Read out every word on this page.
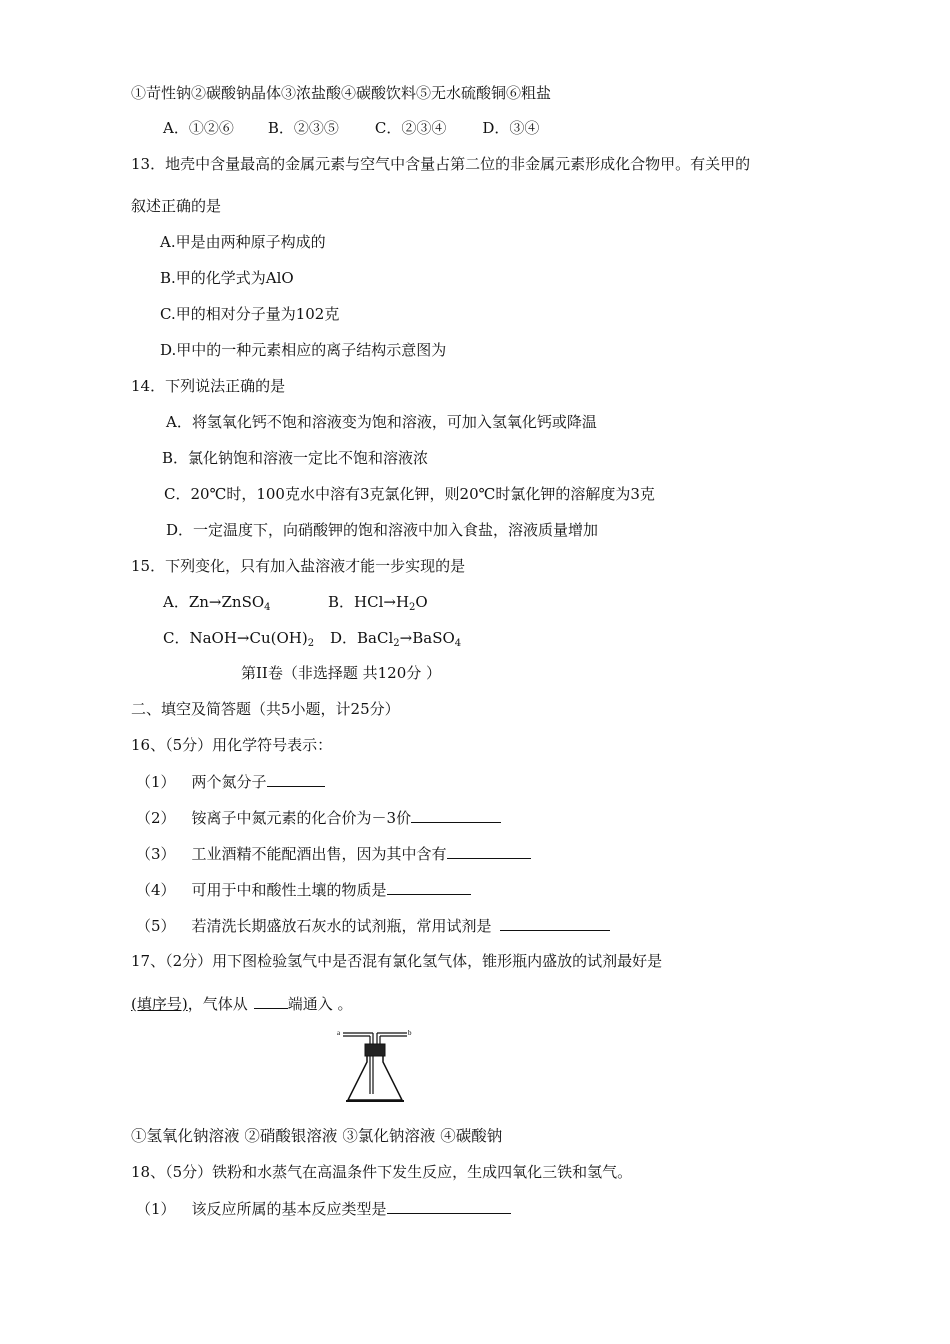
①苛性钠②碳酸钠晶体③浓盐酸④碳酸饮料⑤无水硫酸铜⑥粗盐
A．①②⑥ B．②③⑤ C．②③④ D．③④
13．地壳中含量最高的金属元素与空气中含量占第二位的非金属元素形成化合物甲。有关甲的
叙述正确的是
A.甲是由两种原子构成的
B.甲的化学式为AlO
C.甲的相对分子量为102克
D.甲中的一种元素相应的离子结构示意图为
14．下列说法正确的是
A．将氢氧化钙不饱和溶液变为饱和溶液，可加入氢氧化钙或降温
B．氯化钠饱和溶液一定比不饱和溶液浓
C．20℃时，100克水中溶有3克氯化钾，则20℃时氯化钾的溶解度为3克
D．一定温度下，向硝酸钾的饱和溶液中加入食盐，溶液质量增加
15．下列变化，只有加入盐溶液才能一步实现的是
A．Zn→ZnSO$_4$	B．$HCl\to H_2O$
C．$NaOH\to Cu(OH)_2$ D．BaCl$_2$→BaSO$_4$
第II卷（非选择题 共120分 ）
二、填空及简答题（共5小题，计25分）
16、（5分）用化学符号表示：
（1） 两个氮分子
（2） 铵离子中氮元素的化合价为－3价
（3） 工业酒精不能配酒出售，因为其中含有
（4） 可用于中和酸性土壤的物质是
（5） 若清洗长期盛放石灰水的试剂瓶，常用试剂是
17、（2分）用下图检验氢气中是否混有氯化氢气体，锥形瓶内盛放的试剂最好是
(填序号)，气体从	端通入 。
a	b
①氢氧化钠溶液 ②硝酸银溶液 ③氯化钠溶液 ④碳酸钠
18、（5分）铁粉和水蒸气在高温条件下发生反应，生成四氧化三铁和氢气。
（1） 该反应所属的基本反应类型是
